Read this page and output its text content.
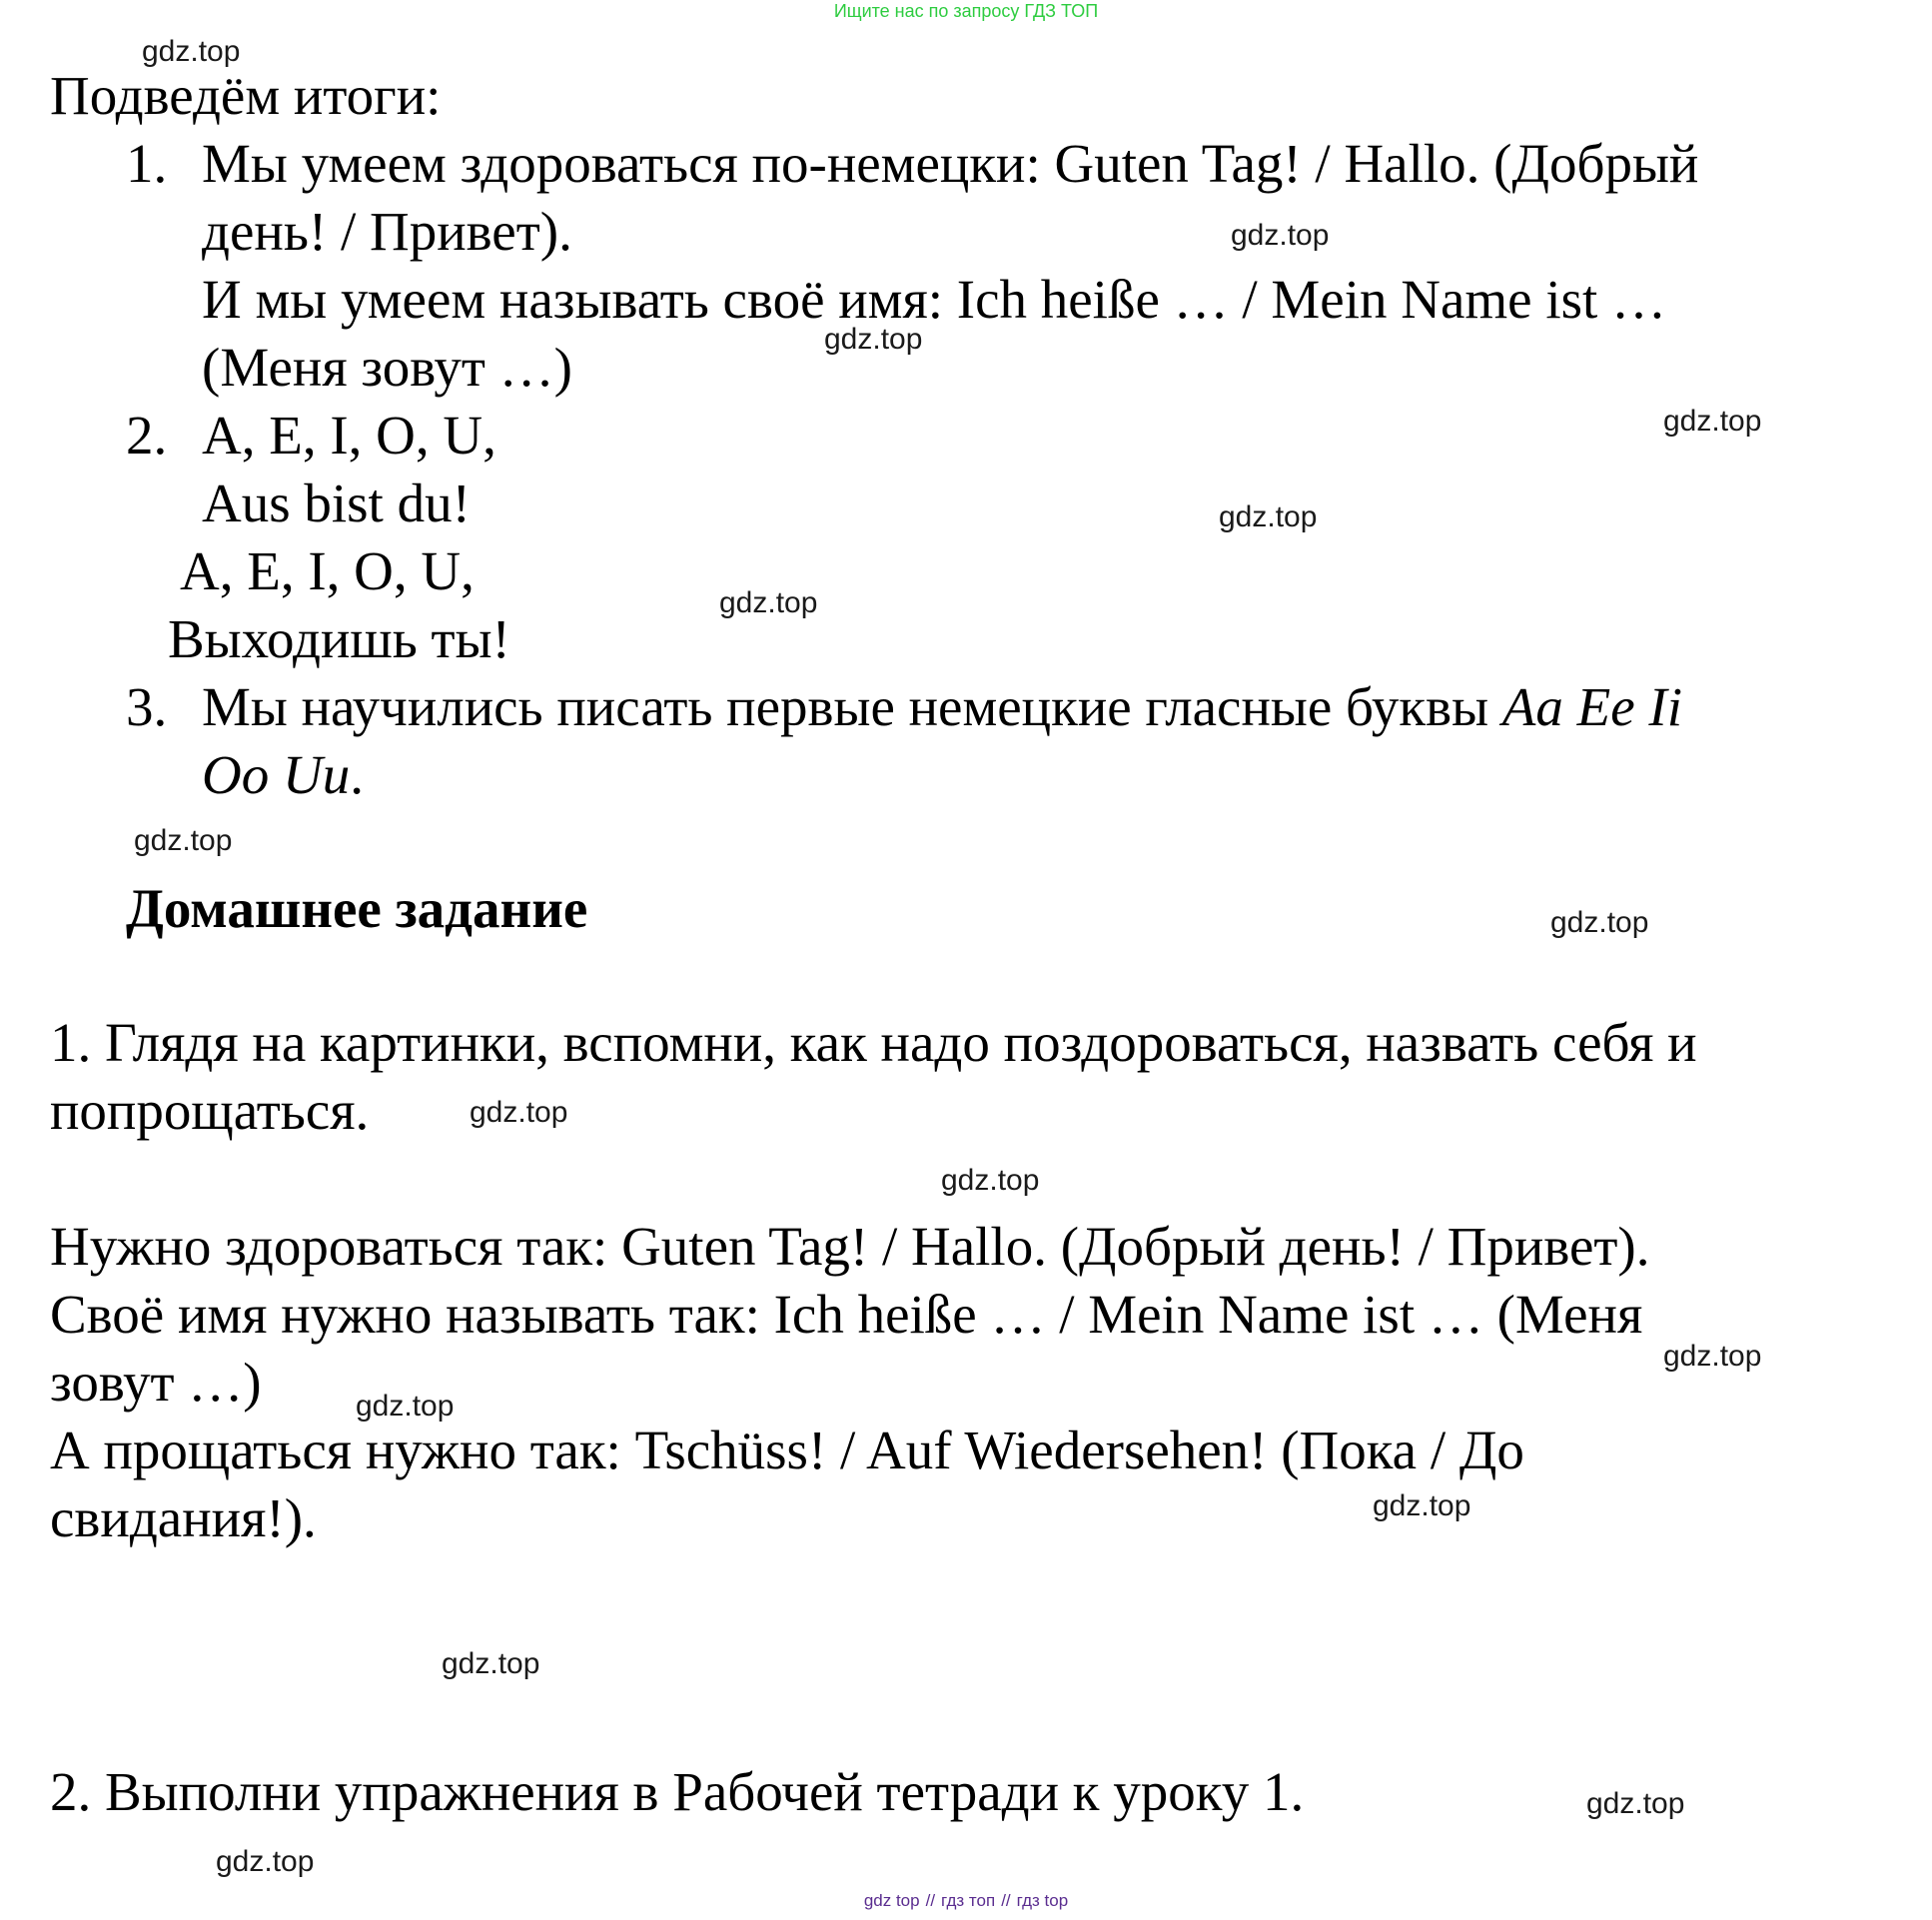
Ищите нас по запросу ГДЗ ТОП
Подведём итоги:
1. Мы умеем здороваться по-немецки: Guten Tag! / Hallo. (Добрый
день! / Привет).
И мы умеем называть своё имя: Ich heiße … / Mein Name ist …
(Меня зовут …)
2. A, E, I, O, U,
Aus bist du!
A, E, I, O, U,
Выходишь ты!
3. Мы научились писать первые немецкие гласные буквы Aa Ee Ii
Oo Uu.
Домашнее задание
1. Глядя на картинки, вспомни, как надо поздороваться, назвать себя и
попрощаться.
Нужно здороваться так: Guten Tag! / Hallo. (Добрый день! / Привет).
Своё имя нужно называть так: Ich heiße … / Mein Name ist … (Меня
зовут …)
А прощаться нужно так: Tschüss! / Auf Wiedersehen! (Пока / До
свидания!).
2. Выполни упражнения в Рабочей тетради к уроку 1.
gdz.top
gdz.top
gdz.top
gdz.top
gdz.top
gdz.top
gdz.top
gdz.top
gdz.top
gdz.top
gdz.top
gdz.top
gdz.top
gdz.top
gdz.top
gdz.top
gdz top // гдз топ // гдз top
